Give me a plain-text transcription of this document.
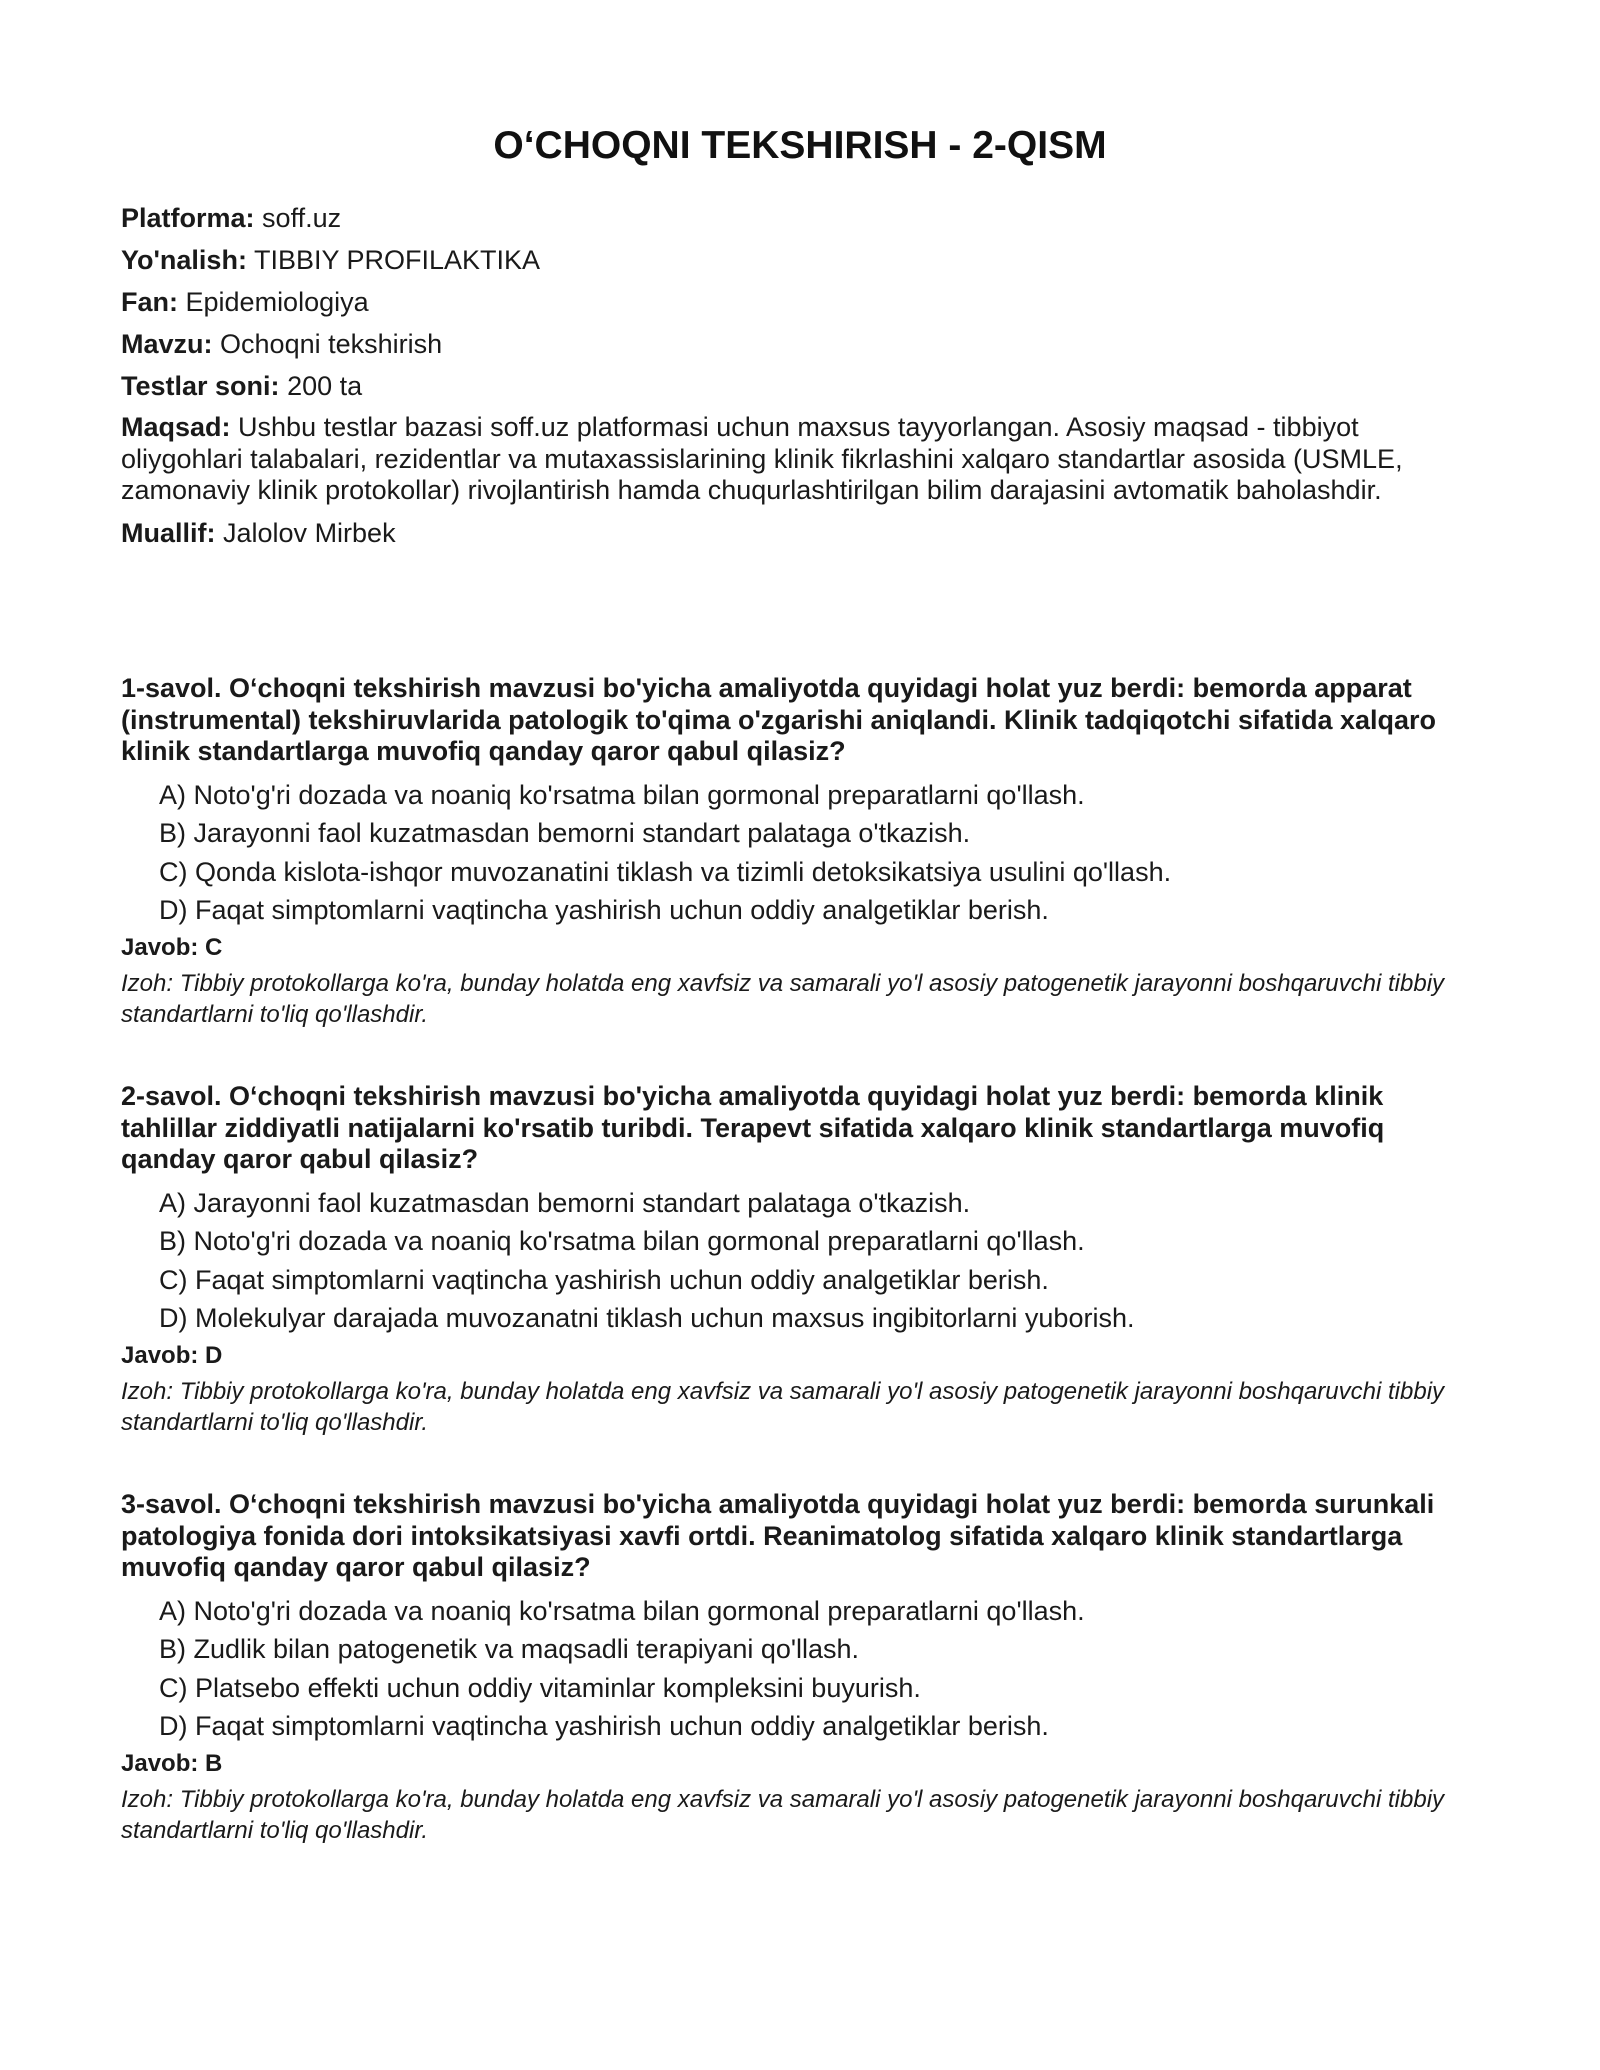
O‘CHOQNI TEKSHIRISH - 2-QISM
Platforma: soff.uz
Yo'nalish: TIBBIY PROFILAKTIKA
Fan: Epidemiologiya
Mavzu: Ochoqni tekshirish
Testlar soni: 200 ta
Maqsad: Ushbu testlar bazasi soff.uz platformasi uchun maxsus tayyorlangan. Asosiy maqsad - tibbiyot oliygohlari talabalari, rezidentlar va mutaxassislarining klinik fikrlashini xalqaro standartlar asosida (USMLE, zamonaviy klinik protokollar) rivojlantirish hamda chuqurlashtirilgan bilim darajasini avtomatik baholashdir.
Muallif: Jalolov Mirbek

1-savol. O‘choqni tekshirish mavzusi bo'yicha amaliyotda quyidagi holat yuz berdi: bemorda apparat (instrumental) tekshiruvlarida patologik to'qima o'zgarishi aniqlandi. Klinik tadqiqotchi sifatida xalqaro klinik standartlarga muvofiq qanday qaror qabul qilasiz?

A) Noto'g'ri dozada va noaniq ko'rsatma bilan gormonal preparatlarni qo'llash.
B) Jarayonni faol kuzatmasdan bemorni standart palataga o'tkazish.
C) Qonda kislota-ishqor muvozanatini tiklash va tizimli detoksikatsiya usulini qo'llash.
D) Faqat simptomlarni vaqtincha yashirish uchun oddiy analgetiklar berish.
Javob: C
Izoh: Tibbiy protokollarga ko'ra, bunday holatda eng xavfsiz va samarali yo'l asosiy patogenetik jarayonni boshqaruvchi tibbiy standartlarni to'liq qo'llashdir.

2-savol. O‘choqni tekshirish mavzusi bo'yicha amaliyotda quyidagi holat yuz berdi: bemorda klinik tahlillar ziddiyatli natijalarni ko'rsatib turibdi. Terapevt sifatida xalqaro klinik standartlarga muvofiq qanday qaror qabul qilasiz?

A) Jarayonni faol kuzatmasdan bemorni standart palataga o'tkazish.
B) Noto'g'ri dozada va noaniq ko'rsatma bilan gormonal preparatlarni qo'llash.
C) Faqat simptomlarni vaqtincha yashirish uchun oddiy analgetiklar berish.
D) Molekulyar darajada muvozanatni tiklash uchun maxsus ingibitorlarni yuborish.
Javob: D
Izoh: Tibbiy protokollarga ko'ra, bunday holatda eng xavfsiz va samarali yo'l asosiy patogenetik jarayonni boshqaruvchi tibbiy standartlarni to'liq qo'llashdir.

3-savol. O‘choqni tekshirish mavzusi bo'yicha amaliyotda quyidagi holat yuz berdi: bemorda surunkali patologiya fonida dori intoksikatsiyasi xavfi ortdi. Reanimatolog sifatida xalqaro klinik standartlarga muvofiq qanday qaror qabul qilasiz?

A) Noto'g'ri dozada va noaniq ko'rsatma bilan gormonal preparatlarni qo'llash.
B) Zudlik bilan patogenetik va maqsadli terapiyani qo'llash.
C) Platsebo effekti uchun oddiy vitaminlar kompleksini buyurish.
D) Faqat simptomlarni vaqtincha yashirish uchun oddiy analgetiklar berish.
Javob: B
Izoh: Tibbiy protokollarga ko'ra, bunday holatda eng xavfsiz va samarali yo'l asosiy patogenetik jarayonni boshqaruvchi tibbiy standartlarni to'liq qo'llashdir.
